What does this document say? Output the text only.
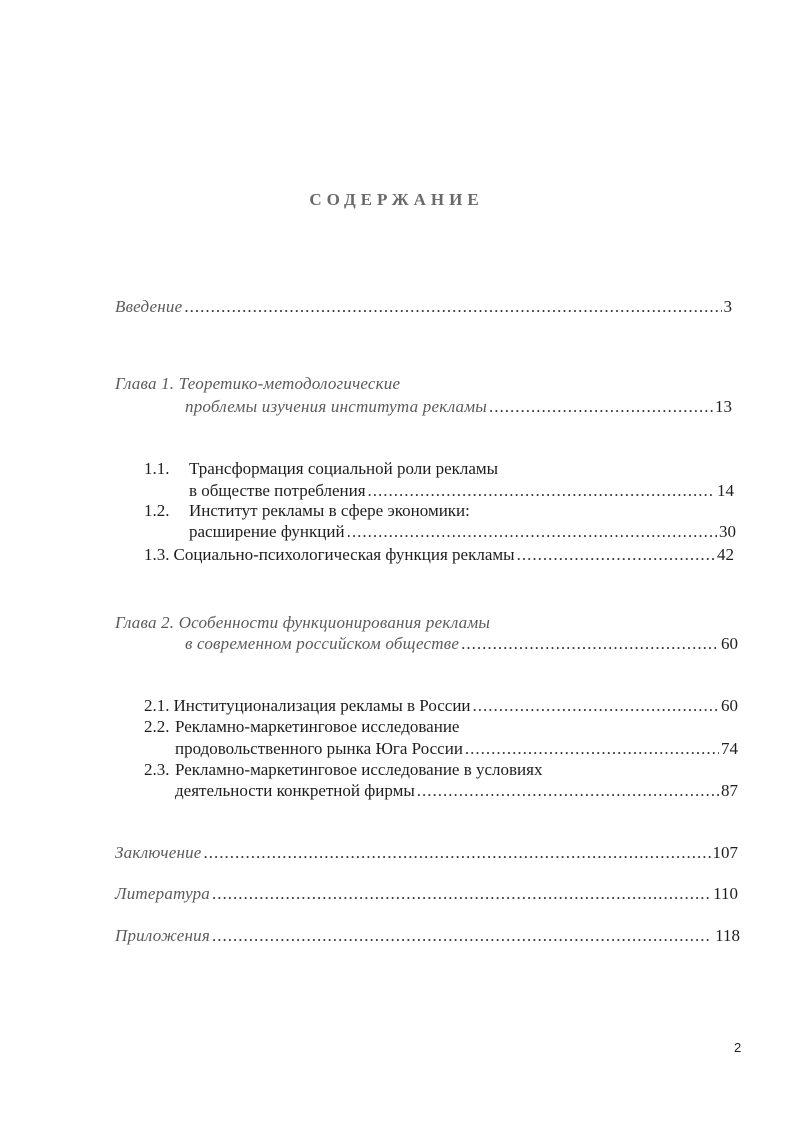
СОДЕРЖАНИЕ
Введение .....	3
Глава 1. Теоретико-методологические
проблемы изучения института рекламы .....	13
1.1. Трансформация социальной роли рекламы
в обществе потребления .....	14
1.2. Институт рекламы в сфере экономики:
расширение функций .....	30
1.3. Социально-психологическая функция рекламы .....	42
Глава 2. Особенности функционирования рекламы
в современном российском обществе .....	60
2.1. Институционализация рекламы в России .....	60
2.2. Рекламно-маркетинговое исследование
продовольственного рынка Юга России .....	74
2.3. Рекламно-маркетинговое исследование в условиях
деятельности конкретной фирмы .....	87
Заключение .....	107
Литература .....	110
Приложения .....	118
2
